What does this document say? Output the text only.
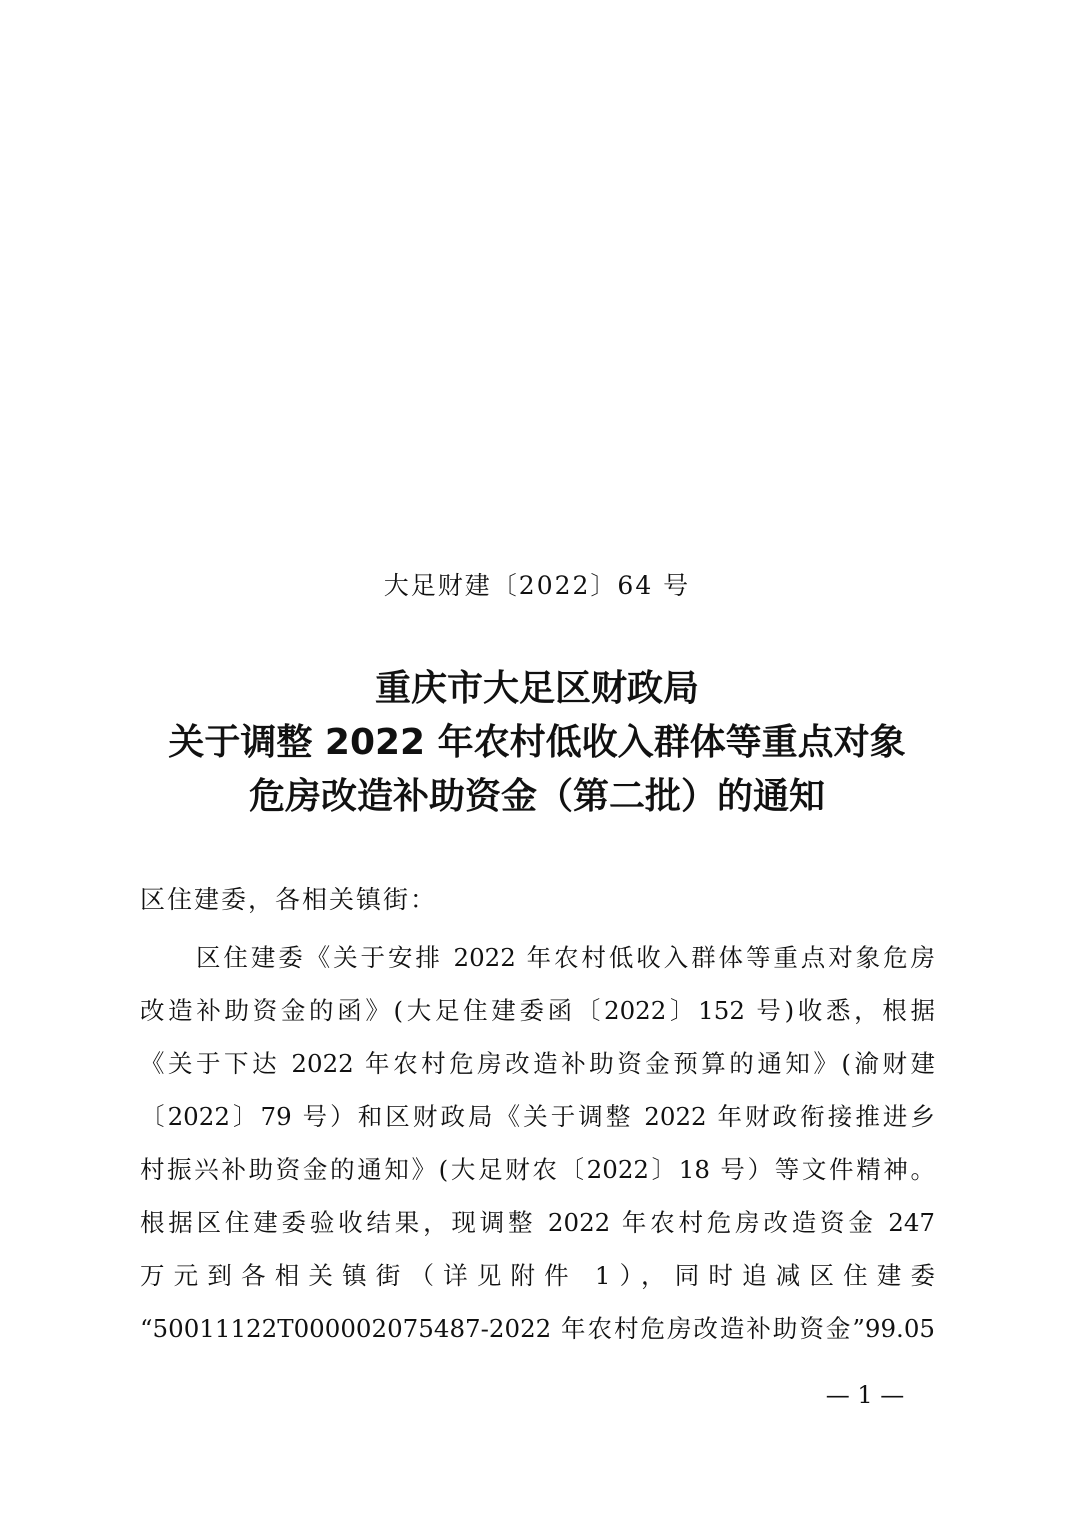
大足财建〔2022〕64 号
重庆市大足区财政局
关于调整 2022 年农村低收入群体等重点对象
危房改造补助资金（第二批）的通知
区住建委，各相关镇街：
区住建委《关于安排 2022 年农村低收入群体等重点对象危房
改造补助资金的函》(大足住建委函〔2022〕152 号)收悉，根据
《关于下达 2022 年农村危房改造补助资金预算的通知》(渝财建
〔2022〕79 号）和区财政局《关于调整 2022 年财政衔接推进乡
村振兴补助资金的通知》(大足财农〔2022〕18 号）等文件精神。
根据区住建委验收结果，现调整 2022 年农村危房改造资金 247
万元到各相关镇街（详见附件 1），同时追减区住建委
“50011122T000002075487-2022 年农村危房改造补助资金”99.05
— 1 —
